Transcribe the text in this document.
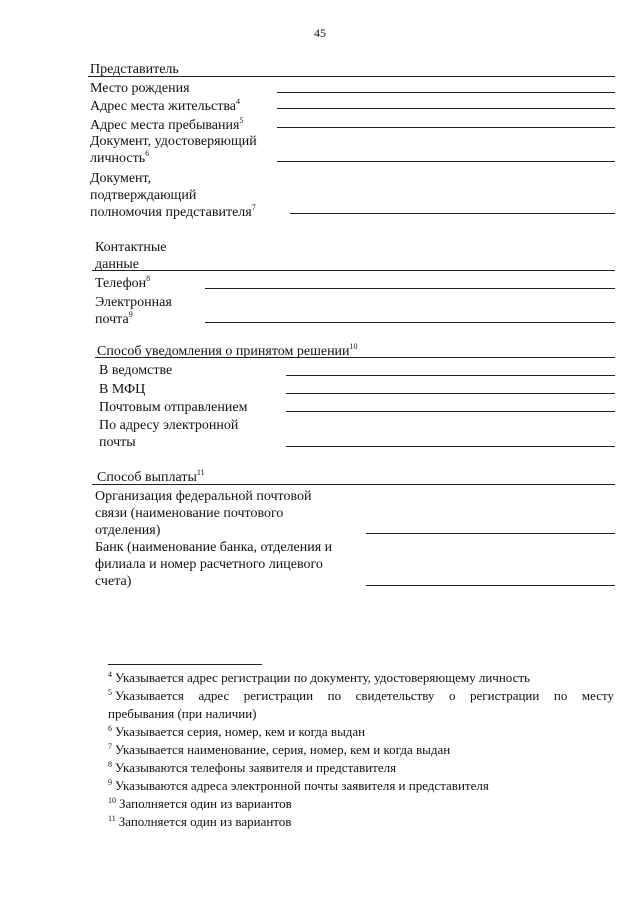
45
Представитель
Место рождения
Адрес места жительства$^4$
Адрес места пребывания$^5$
Документ, удостоверяющий
личность$^6$
Документ,
подтверждающий
полномочия представителя$^7$
Контактные
данные
Телефон$^8$
Электронная
почта$^9$
Способ уведомления о принятом решении$^{10}$
В ведомстве
В МФЦ
Почтовым отправлением
По адресу электронной
почты
Способ выплаты$^{11}$
Организация федеральной почтовой
связи (наименование почтового
отделения)
Банк (наименование банка, отделения и
филиала и номер расчетного лицевого
счета)
$^4$ Указывается адрес регистрации по документу, удостоверяющему личность
$^5$ Указывается адрес регистрации по свидетельству о регистрации по месту
пребывания (при наличии)
$^6$ Указывается серия, номер, кем и когда выдан
$^7$ Указывается наименование, серия, номер, кем и когда выдан
$^8$ Указываются телефоны заявителя и представителя
$^9$ Указываются адреса электронной почты заявителя и представителя
$^{10}$ Заполняется один из вариантов
$^{11}$ Заполняется один из вариантов
